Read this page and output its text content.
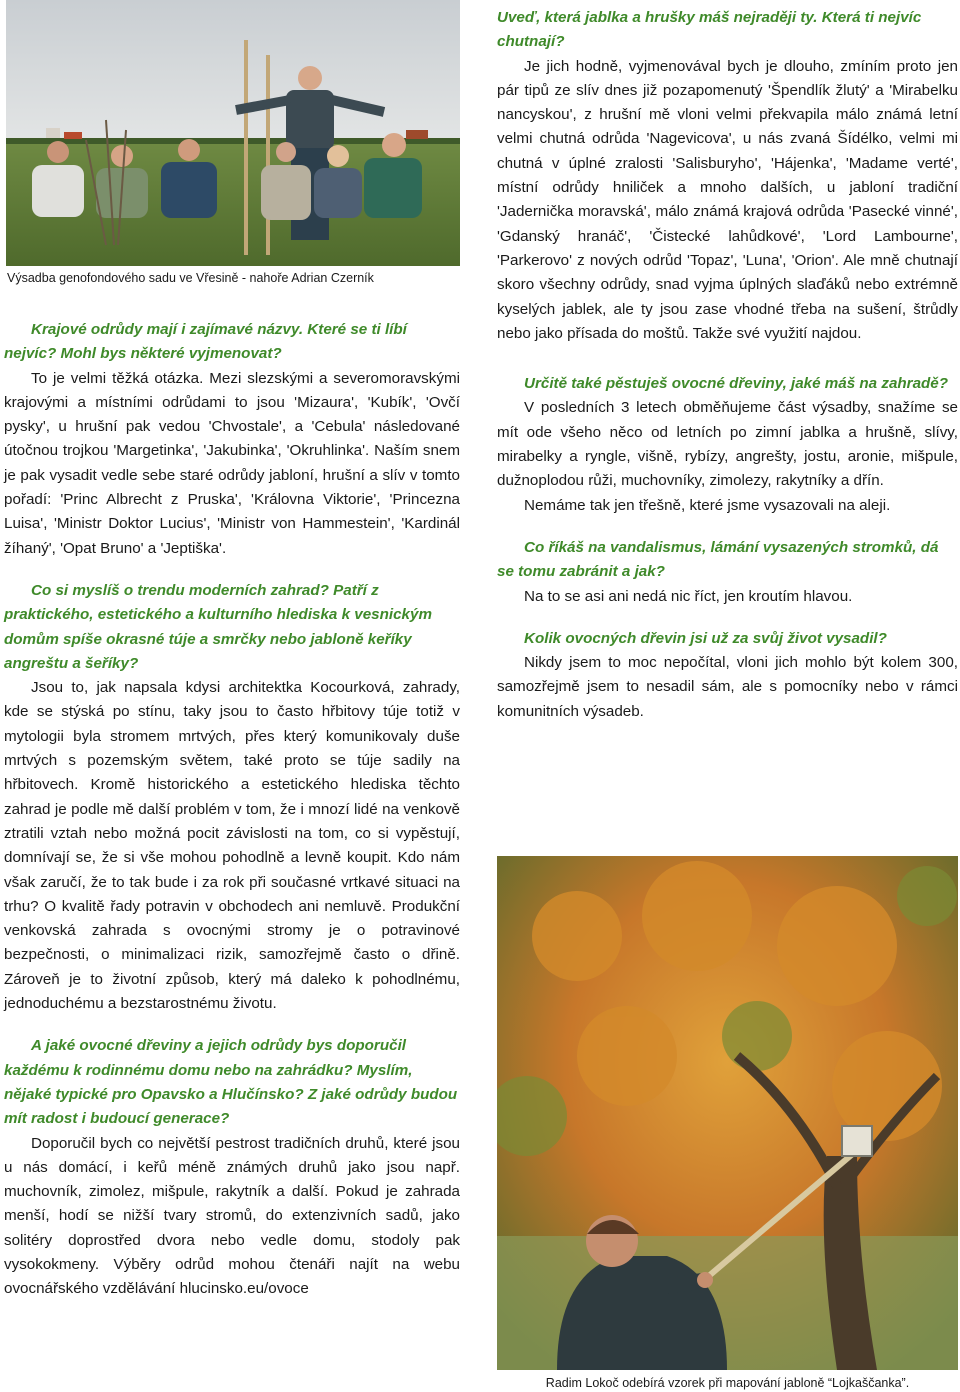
Výsadba genofondového sadu ve Vřesině - nahoře Adrian Czerník

Krajové odrůdy mají i zajímavé názvy. Které se ti líbí nejvíc? Mohl bys některé vyjmenovat?

To je velmi těžká otázka. Mezi slezskými a severomoravskými krajovými a místními odrůdami to jsou 'Mizaura', 'Kubík', 'Ovčí pysky', u hrušní pak vedou 'Chvostale', a 'Cebula' následované útočnou trojkou 'Margetinka', 'Jakubinka', 'Okruhlinka'. Naším snem je pak vysadit vedle sebe staré odrůdy jabloní, hrušní a slív v tomto pořadí: 'Princ Albrecht z Pruska', 'Královna Viktorie', 'Princezna Luisa', 'Ministr Doktor Lucius', 'Ministr von Hammestein', 'Kardinál žíhaný', 'Opat Bruno' a 'Jeptiška'.

Co si myslíš o trendu moderních zahrad? Patří z praktického, estetického a kulturního hlediska k vesnickým domům spíše okrasné túje a smrčky nebo jabloně keříky angreštu a šeříky?

Jsou to, jak napsala kdysi architektka Kocourková, zahrady, kde se stýská po stínu, taky jsou to často hřbitovy túje totiž v mytologii byla stromem mrtvých, přes který komunikovaly duše mrtvých s pozemským světem, také proto se túje sadily na hřbitovech. Kromě historického a estetického hlediska těchto zahrad je podle mě další problém v tom, že i mnozí lidé na venkově ztratili vztah nebo možná pocit závislosti na tom, co si vypěstují, domnívají se, že si vše mohou pohodlně a levně koupit. Kdo nám však zaručí, že to tak bude i za rok při současné vrtkavé situaci na trhu? O kvalitě řady potravin v obchodech ani nemluvě. Produkční venkovská zahrada s ovocnými stromy je o potravinové bezpečnosti, o minimalizaci rizik, samozřejmě často o dřině. Zároveň je to životní způsob, který má daleko k pohodlnému, jednoduchému a bezstarostnému životu.

A jaké ovocné dřeviny a jejich odrůdy bys doporučil každému k rodinnému domu nebo na zahrádku? Myslím, nějaké typické pro Opavsko a Hlučínsko? Z jaké odrůdy budou mít radost i budoucí generace?

Doporučil bych co největší pestrost tradičních druhů, které jsou u nás domácí, i keřů méně známých druhů jako jsou např. muchovník, zimolez, mišpule, rakytník a další. Pokud je zahrada menší, hodí se nižší tvary stromů, do extenzivních sadů, jako solitéry doprostřed dvora nebo vedle domu, stodoly pak vysokokmeny. Výběry odrůd mohou čtenáři najít na webu ovocnářského vzdělávání hlucinsko.eu/ovoce

Uveď, která jablka a hrušky máš nejraději ty. Která ti nejvíc chutnají?

Je jich hodně, vyjmenovával bych je dlouho, zmíním proto jen pár tipů ze slív dnes již pozapomenutý 'Špendlík žlutý' a 'Mirabelku nancyskou', z hrušní mě vloni velmi překvapila málo známá letní velmi chutná odrůda 'Nagevicova', u nás zvaná Šídélko, velmi mi chutná v úplné zralosti 'Salisburyho', 'Hájenka', 'Madame verté', místní odrůdy hniliček a mnoho dalších, u jabloní tradiční 'Jadernička moravská', málo známá krajová odrůda 'Pasecké vinné', 'Gdanský hranáč', 'Čistecké lahůdkové', 'Lord Lambourne', 'Parkerovo' z nových odrůd 'Topaz', 'Luna', 'Orion'. Ale mně chutnají skoro všechny odrůdy, snad vyjma úplných slaďáků nebo extrémně kyselých jablek, ale ty jsou zase vhodné třeba na sušení, štrůdly nebo jako přísada do moštů. Takže své využití najdou.

Určitě také pěstuješ ovocné dřeviny, jaké máš na zahradě?

V posledních 3 letech obměňujeme část výsadby, snažíme se mít ode všeho něco od letních po zimní jablka a hrušně, slívy, mirabelky a ryngle, višně, rybízy, angrešty, jostu, aronie, mišpule, dužnoplodou růži, muchovníky, zimolezy, rakytníky a dřín.

Nemáme tak jen třešně, které jsme vysazovali na aleji.

Co říkáš na vandalismus, lámání vysazených stromků, dá se tomu zabránit a jak?

Na to se asi ani nedá nic říct, jen kroutím hlavou.

Kolik ovocných dřevin jsi už za svůj život vysadil?

Nikdy jsem to moc nepočítal, vloni jich mohlo být kolem 300, samozřejmě jsem to nesadil sám, ale s pomocníky nebo v rámci komunitních výsadeb.

Radim Lokoč odebírá vzorek při mapování jabloně “Lojkaščanka”.
